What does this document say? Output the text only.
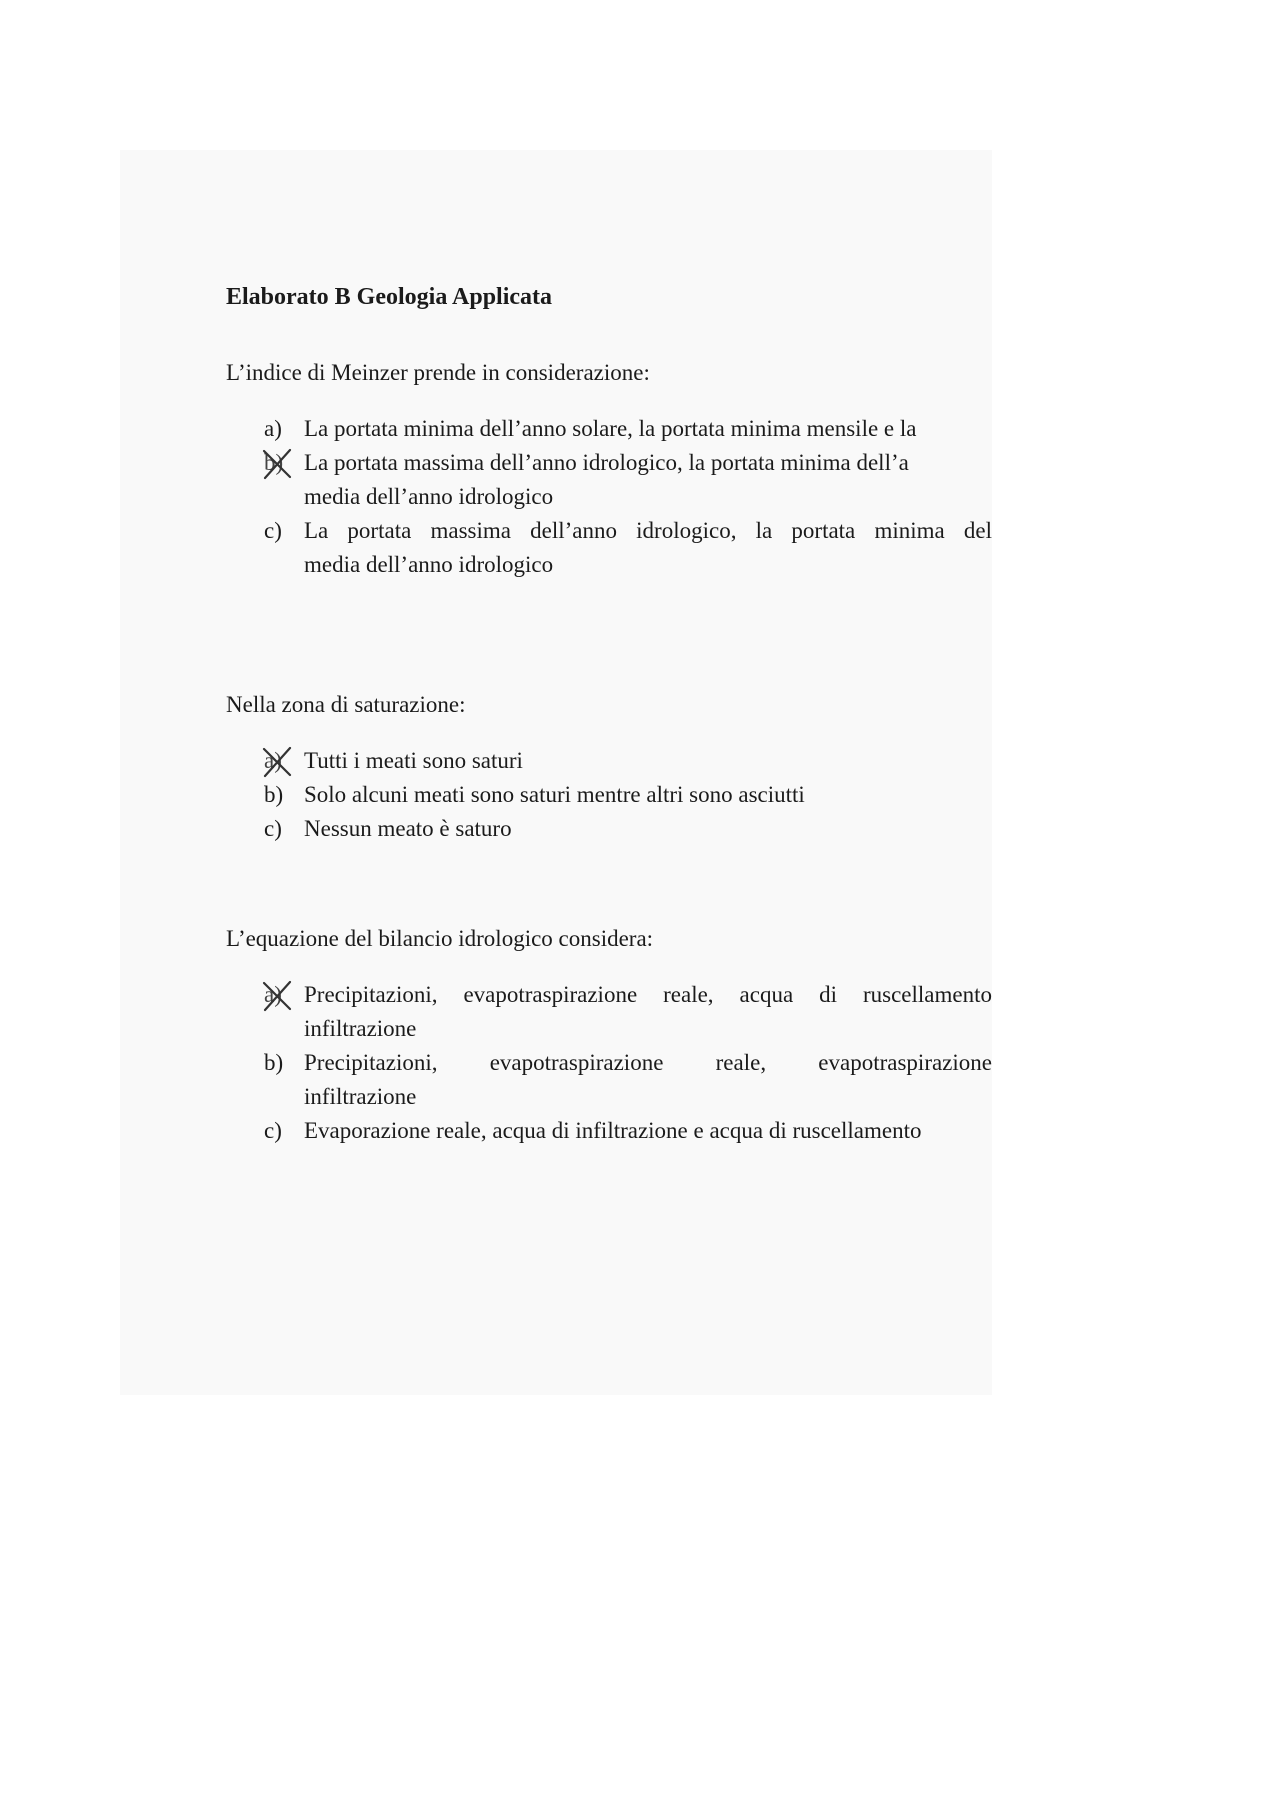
Elaborato B Geologia Applicata
L’indice di Meinzer prende in considerazione:
a) La portata minima dell’anno solare, la portata minima mensile e la
b) La portata massima dell’anno idrologico, la portata minima dell’a
media dell’anno idrologico
c) La portata massima dell’anno idrologico, la portata minima del
media dell’anno idrologico
Nella zona di saturazione:
a) Tutti i meati sono saturi
b) Solo alcuni meati sono saturi mentre altri sono asciutti
c) Nessun meato è saturo
L’equazione del bilancio idrologico considera:
a) Precipitazioni, evapotraspirazione reale, acqua di ruscellamento
infiltrazione
b) Precipitazioni, evapotraspirazione reale, evapotraspirazione
infiltrazione
c) Evaporazione reale, acqua di infiltrazione e acqua di ruscellamento
